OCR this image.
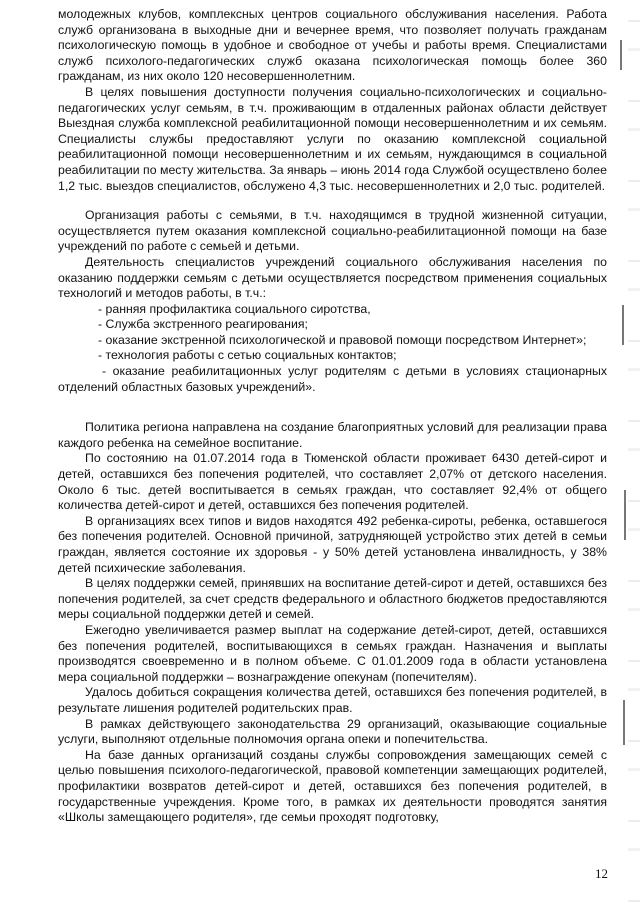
молодежных клубов, комплексных центров социального обслуживания населения. Работа служб организована в выходные дни и вечернее время, что позволяет получать гражданам психологическую помощь в удобное и свободное от учебы и работы время. Специалистами служб психолого-педагогических служб оказана психологическая помощь более 360 гражданам, из них около 120 несовершеннолетним.

В целях повышения доступности получения социально-психологических и социально-педагогических услуг семьям, в т.ч. проживающим в отдаленных районах области действует Выездная служба комплексной реабилитационной помощи несовершеннолетним и их семьям. Специалисты службы предоставляют услуги по оказанию комплексной социальной реабилитационной помощи несовершеннолетним и их семьям, нуждающимся в социальной реабилитации по месту жительства. За январь – июнь 2014 года Службой осуществлено более 1,2 тыс. выездов специалистов, обслужено 4,3 тыс. несовершеннолетних и 2,0 тыс. родителей.

Организация работы с семьями, в т.ч. находящимся в трудной жизненной ситуации, осуществляется путем оказания комплексной социально-реабилитационной помощи на базе учреждений по работе с семьей и детьми.

Деятельность специалистов учреждений социального обслуживания населения по оказанию поддержки семьям с детьми осуществляется посредством применения социальных технологий и методов работы, в т.ч.:

- ранняя профилактика социального сиротства,

- Служба экстренного реагирования;

- оказание экстренной психологической и правовой помощи посредством Интернет»;

- технология работы с сетью социальных контактов;

- оказание реабилитационных услуг родителям с детьми в условиях стационарных отделений областных базовых учреждений».

Политика региона направлена на создание благоприятных условий для реализации права каждого ребенка на семейное воспитание.

По состоянию на 01.07.2014 года в Тюменской области проживает 6430 детей-сирот и детей, оставшихся без попечения родителей, что составляет 2,07% от детского населения. Около 6 тыс. детей воспитывается в семьях граждан, что составляет 92,4% от общего количества детей-сирот и детей, оставшихся без попечения родителей.

В организациях всех типов и видов находятся 492 ребенка-сироты, ребенка, оставшегося без попечения родителей. Основной причиной, затрудняющей устройство этих детей в семьи граждан, является состояние их здоровья - у 50% детей установлена инвалидность, у 38% детей психические заболевания.

В целях поддержки семей, принявших на воспитание детей-сирот и детей, оставшихся без попечения родителей, за счет средств федерального и областного бюджетов предоставляются меры социальной поддержки детей и семей.

Ежегодно увеличивается размер выплат на содержание детей-сирот, детей, оставшихся без попечения родителей, воспитывающихся в семьях граждан. Назначения и выплаты производятся своевременно и в полном объеме. С 01.01.2009 года в области установлена мера социальной поддержки – вознаграждение опекунам (попечителям).

Удалось добиться сокращения количества детей, оставшихся без попечения родителей, в результате лишения родителей родительских прав.

В рамках действующего законодательства 29 организаций, оказывающие социальные услуги, выполняют отдельные полномочия органа опеки и попечительства.

На базе данных организаций созданы службы сопровождения замещающих семей с целью повышения психолого-педагогической, правовой компетенции замещающих родителей, профилактики возвратов детей-сирот и детей, оставшихся без попечения родителей, в государственные учреждения. Кроме того, в рамках их деятельности проводятся занятия «Школы замещающего родителя», где семьи проходят подготовку,

12
